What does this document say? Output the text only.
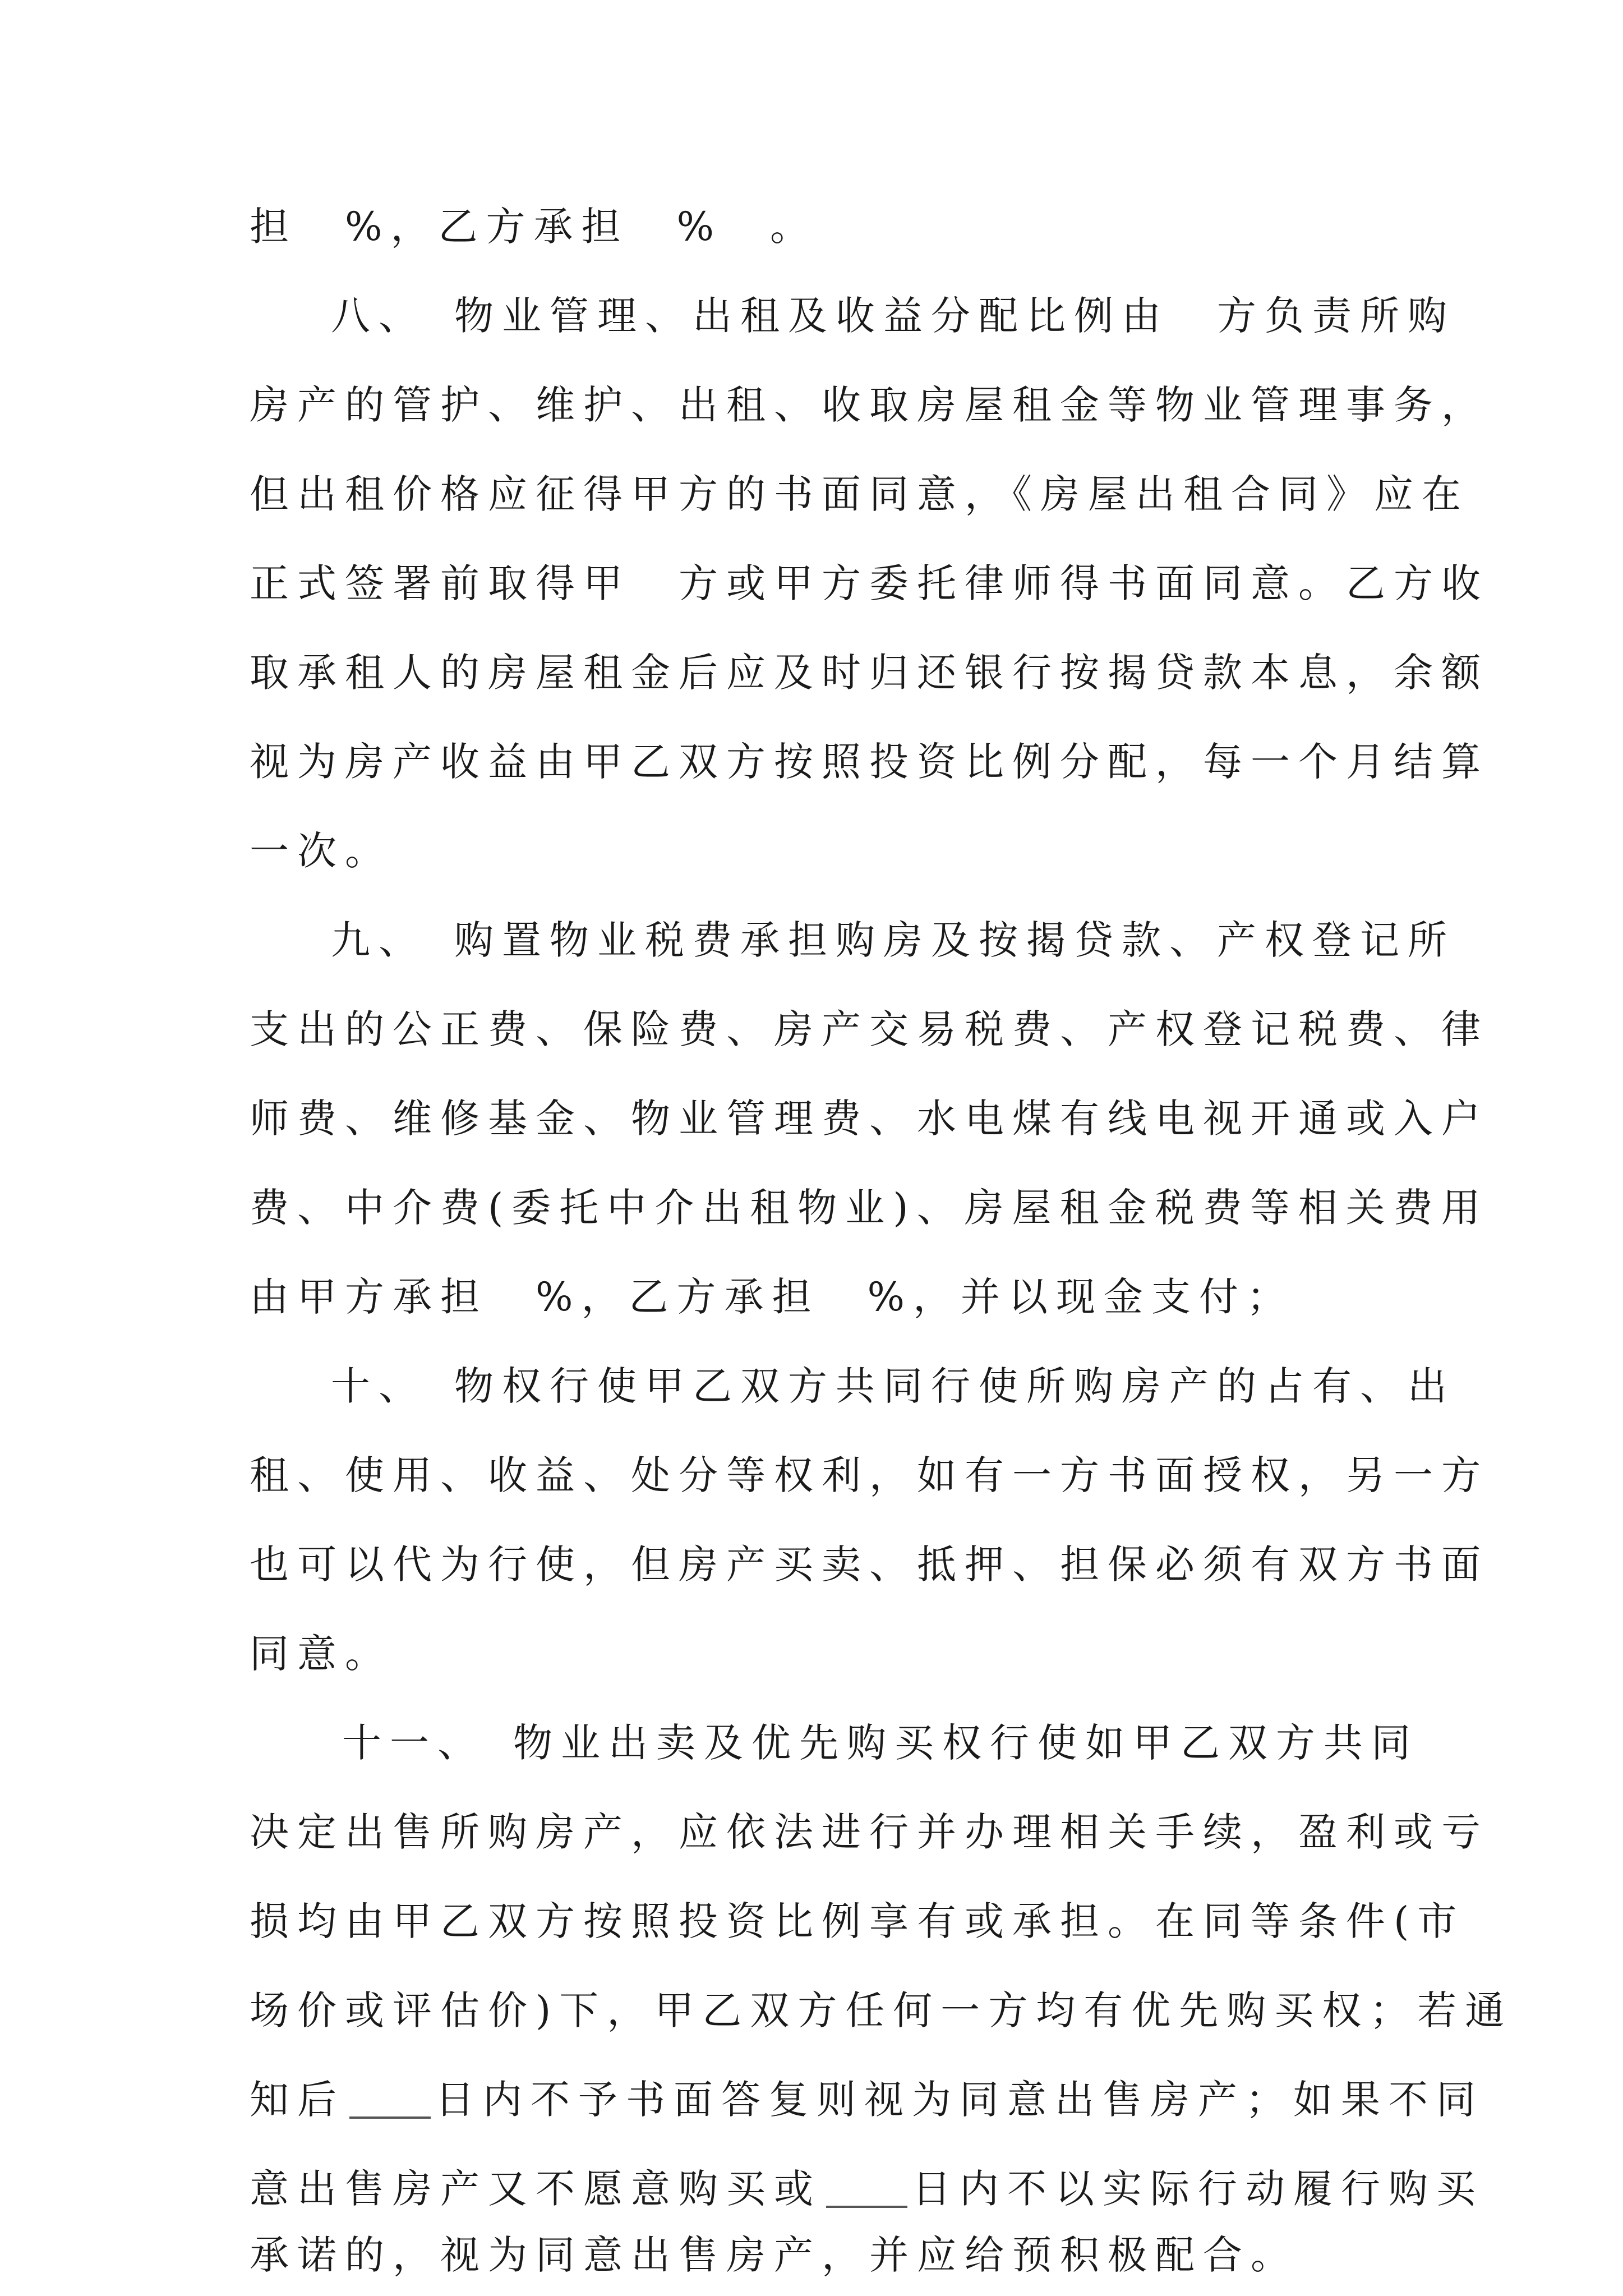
担　%，乙方承担　%　。
八、　物业管理、出租及收益分配比例由　方负责所购
房产的管护、维护、出租、收取房屋租金等物业管理事务，
但出租价格应征得甲方的书面同意，《房屋出租合同》应在
正式签署前取得甲　方或甲方委托律师得书面同意。乙方收
取承租人的房屋租金后应及时归还银行按揭贷款本息，余额
视为房产收益由甲乙双方按照投资比例分配，每一个月结算
一次。
九、　购置物业税费承担购房及按揭贷款、产权登记所
支出的公正费、保险费、房产交易税费、产权登记税费、律
师费、维修基金、物业管理费、水电煤有线电视开通或入户
费、中介费(委托中介出租物业)、房屋租金税费等相关费用
由甲方承担　%，乙方承担　%，并以现金支付；
十、　物权行使甲乙双方共同行使所购房产的占有、出
租、使用、收益、处分等权利，如有一方书面授权，另一方
也可以代为行使，但房产买卖、抵押、担保必须有双方书面
同意。
十一、　物业出卖及优先购买权行使如甲乙双方共同
决定出售所购房产，应依法进行并办理相关手续，盈利或亏
损均由甲乙双方按照投资比例享有或承担。在同等条件(市
场价或评估价)下，甲乙双方任何一方均有优先购买权；若通
知后 日内不予书面答复则视为同意出售房产；如果不同
意出售房产又不愿意购买或 日内不以实际行动履行购买
承诺的，视为同意出售房产，并应给预积极配合。
